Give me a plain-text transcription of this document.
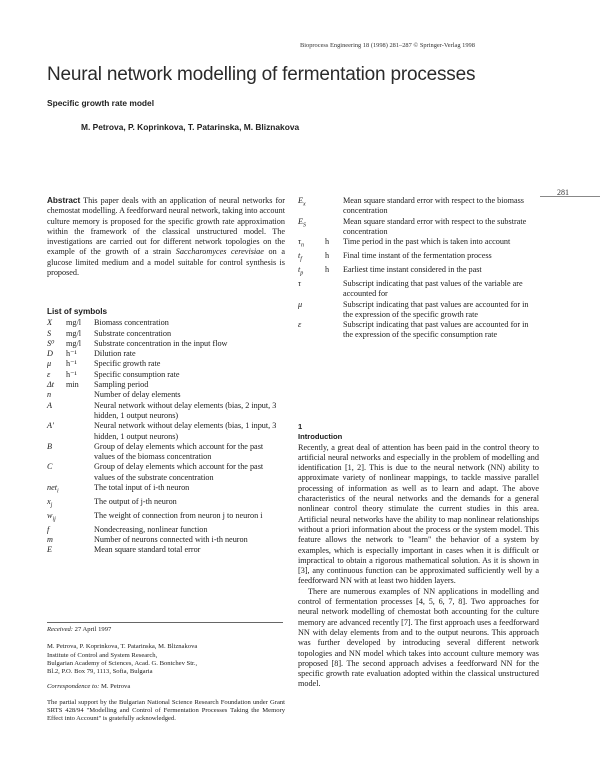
Bioprocess Engineering 18 (1998) 281–287 © Springer-Verlag 1998
Neural network modelling of fermentation processes
Specific growth rate model
M. Petrova, P. Koprinkova, T. Patarinska, M. Bliznakova
281
Abstract This paper deals with an application of neural networks for chemostat modelling. A feedforward neural network, taking into account culture memory is proposed for the specific growth rate approximation within the framework of the classical unstructured model. The investigations are carried out for different network topologies on the example of the growth of a strain Saccharomyces cerevisiae on a glucose limited medium and a model suitable for control synthesis is proposed.
List of symbols
X	mg/l	Biomass concentration
S	mg/l	Substrate concentration
S⁰	mg/l	Substrate concentration in the input flow
D	h⁻¹	Dilution rate
μ	h⁻¹	Specific growth rate
ε	h⁻¹	Specific consumption rate
Δt	min	Sampling period
n	Number of delay elements
A	Neural network without delay elements (bias, 2 input, 3 hidden, 1 output neurons)
A′	Neural network without delay elements (bias, 1 input, 3 hidden, 1 output neurons)
B	Group of delay elements which account for the past values of the biomass concentration
C	Group of delay elements which account for the past values of the substrate concentration
net$_i$	The total input of i-th neuron
$x_j$	The output of j-th neuron
$w_{ij}$	The weight of connection from neuron j to neuron i
f	Nondecreasing, nonlinear function
m	Number of neurons connected with i-th neuron
E	Mean square standard total error
Received: 27 April 1997
M. Petrova, P. Koprinkova, T. Patarinska, M. Bliznakova
Institute of Control and System Research,
Bulgarian Academy of Sciences, Acad. G. Bontchev Str.,
Bl.2, P.O. Box 79, 1113, Sofia, Bulgaria
Correspondence to: M. Petrova
The partial support by the Bulgarian National Science Research Foundation under Grant SRTS 428/94 "Modelling and Control of Fermentation Processes Taking the Memory Effect into Account" is gratefully acknowledged.
$E_x$	Mean square standard error with respect to the biomass concentration
$E_S$	Mean square standard error with respect to the substrate concentration
$\tau_n$	h	Time period in the past which is taken into account
$t_f$	h	Final time instant of the fermentation process
$t_p$	h	Earliest time instant considered in the past
τ	Subscript indicating that past values of the variable are accounted for
μ	Subscript indicating that past values are accounted for in the expression of the specific growth rate
ε	Subscript indicating that past values are accounted for in the expression of the specific consumption rate
1
Introduction
Recently, a great deal of attention has been paid in the control theory to artificial neural networks and especially in the problem of modelling and identification [1, 2]. This is due to the neural network (NN) ability to approximate variety of nonlinear mappings, to tackle massive parallel processing of information as well as to learn and adapt. The above characteristics of the neural networks and the demands for a general nonlinear control theory stimulate the current studies in this area. Artificial neural networks have the ability to map nonlinear relationships without a priori information about the process or the system model. This feature allows the network to "learn" the behavior of a system by examples, which is especially important in cases when it is difficult or impractical to obtain a rigorous mathematical solution. As it is shown in [3], any continuous function can be approximated sufficiently well by a feedforward NN with at least two hidden layers.
There are numerous examples of NN applications in modelling and control of fermentation processes [4, 5, 6, 7, 8]. Two approaches for neural network modelling of chemostat both accounting for the culture memory are advanced recently [7]. The first approach uses a feedforward NN with delay elements from and to the output neurons. This approach was further developed by introducing several different network topologies and NN model which takes into account culture memory was proposed [8]. The second approach advises a feedforward NN for the specific growth rate evaluation adopted within the classical unstructured model.
